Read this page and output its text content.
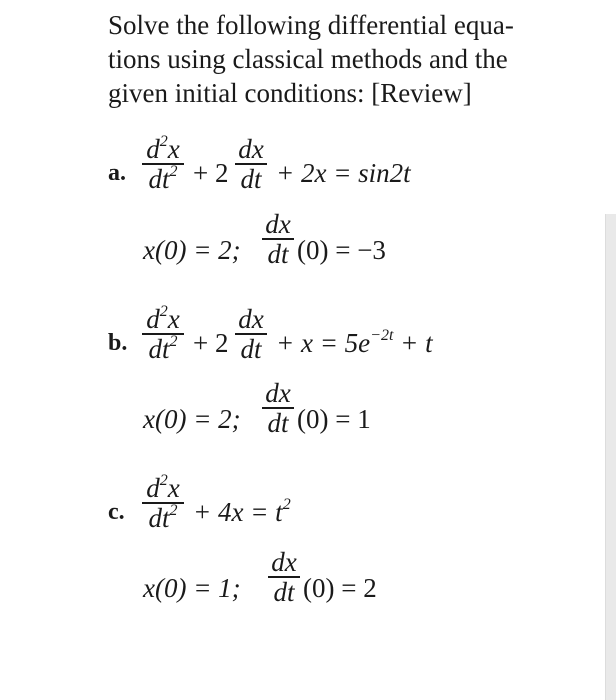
Solve the following differential equa-
tions using classical methods and the
given initial conditions: [Review]
a. $\frac{d^2x}{dt^2} + 2 \frac{dx}{dt} + 2x = \sin 2t$
x(0) = 2; $\frac{dx}{dt} (0) = -3$
b. $\frac{d^2x}{dt^2} + 2 \frac{dx}{dt} + x = 5e^{-2t} + t$
x(0) = 2; $\frac{dx}{dt} (0) = 1$
c. $\frac{d^2x}{dt^2} + 4x = t^2$
x(0) = 1; $\frac{dx}{dt} (0) = 2$
